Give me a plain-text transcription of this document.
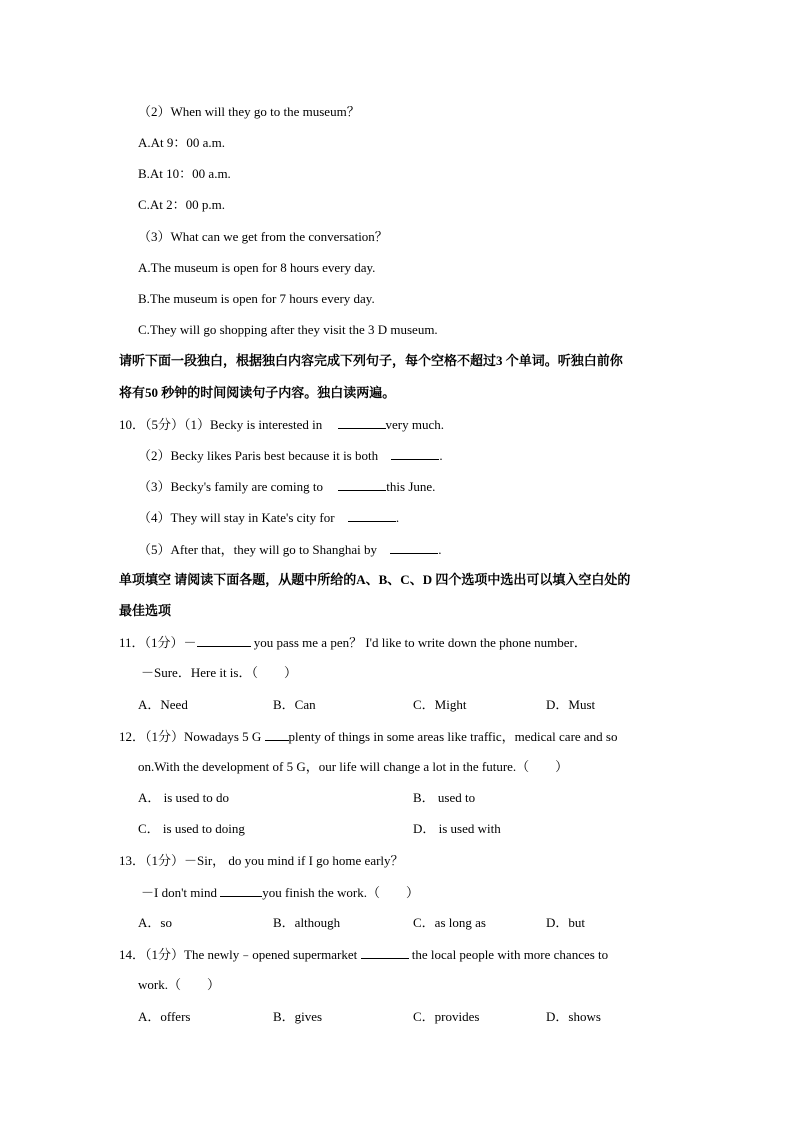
（2）When will they go to the museum？
A.At 9：00 a.m.
B.At 10：00 a.m.
C.At 2：00 p.m.
（3）What can we get from the conversation？
A.The museum is open for 8 hours every day.
B.The museum is open for 7 hours every day.
C.They will go shopping after they visit the 3 D museum.
请听下面一段独白，根据独白内容完成下列句子，每个空格不超过3 个单词。听独白前你
将有50 秒钟的时间阅读句子内容。独白读两遍。
10．（5分）（1）Becky is interested in	very much.
（2）Becky likes Paris best because it is both	.
（3）Becky's family are coming to	this June.
（4）They will stay in Kate's city for	.
（5）After that，they will go to Shanghai by	.
单项填空 请阅读下面各题，从题中所给的A、B、C、D 四个选项中选出可以填入空白处的
最佳选项
11．（1分）－	you pass me a pen？ I'd like to write down the phone number．
－Sure．Here it is．（　　）
A．Need	B．Can	C．Might	D．Must
12．（1分）Nowadays 5 G plenty of things in some areas like traffic，medical care and so
on.With the development of 5 G，our life will change a lot in the future.（　　）
A． is used to do	B． used to
C． is used to doing	D． is used with
13．（1分）－Sir， do you mind if I go home early？
－I don't mind	you finish the work.（　　）
A．so	B．although	C．as long as	D．but
14．（1分）The newly﹣opened supermarket	the local people with more chances to
work.（　　）
A．offers	B．gives	C．provides	D．shows
